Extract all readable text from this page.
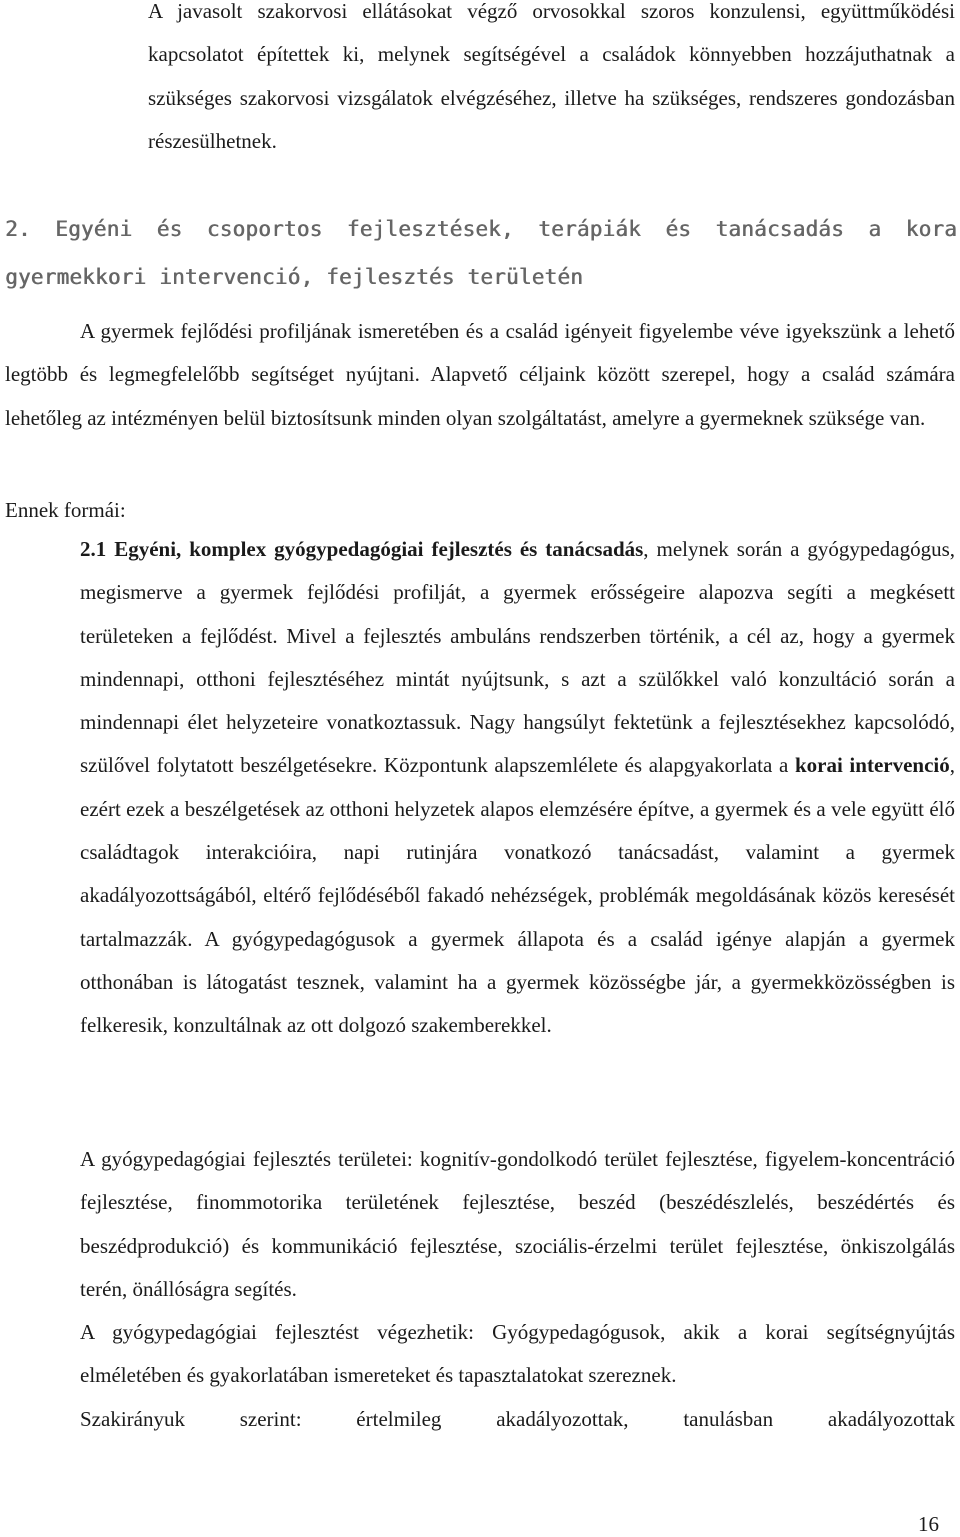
A javasolt szakorvosi ellátásokat végző orvosokkal szoros konzulensi, együttműködési kapcsolatot építettek ki, melynek segítségével a családok könnyebben hozzájuthatnak a szükséges szakorvosi vizsgálatok elvégzéséhez, illetve ha szükséges, rendszeres gondozásban részesülhetnek.

2. Egyéni és csoportos fejlesztések, terápiák és tanácsadás a kora gyermekkori intervenció, fejlesztés területén

A gyermek fejlődési profiljának ismeretében és a család igényeit figyelembe véve igyekszünk a lehető legtöbb és legmegfelelőbb segítséget nyújtani. Alapvető céljaink között szerepel, hogy a család számára lehetőleg az intézményen belül biztosítsunk minden olyan szolgáltatást, amelyre a gyermeknek szüksége van.

Ennek formái:

2.1 Egyéni, komplex gyógypedagógiai fejlesztés és tanácsadás, melynek során a gyógypedagógus, megismerve a gyermek fejlődési profilját, a gyermek erősségeire alapozva segíti a megkésett területeken a fejlődést. Mivel a fejlesztés ambuláns rendszerben történik, a cél az, hogy a gyermek mindennapi, otthoni fejlesztéséhez mintát nyújtsunk, s azt a szülőkkel való konzultáció során a mindennapi élet helyzeteire vonatkoztassuk. Nagy hangsúlyt fektetünk a fejlesztésekhez kapcsolódó, szülővel folytatott beszélgetésekre. Központunk alapszemlélete és alapgyakorlata a korai intervenció, ezért ezek a beszélgetések az otthoni helyzetek alapos elemzésére építve, a gyermek és a vele együtt élő családtagok interakcióira, napi rutinjára vonatkozó tanácsadást, valamint a gyermek akadályozottságából, eltérő fejlődéséből fakadó nehézségek, problémák megoldásának közös keresését tartalmazzák. A gyógypedagógusok a gyermek állapota és a család igénye alapján a gyermek otthonában is látogatást tesznek, valamint ha a gyermek közösségbe jár, a gyermekközösségben is felkeresik, konzultálnak az ott dolgozó szakemberekkel.

A gyógypedagógiai fejlesztés területei: kognitív-gondolkodó terület fejlesztése, figyelem-koncentráció fejlesztése, finommotorika területének fejlesztése, beszéd (beszédészlelés, beszédértés és beszédprodukció) és kommunikáció fejlesztése, szociális-érzelmi terület fejlesztése, önkiszolgálás terén, önállóságra segítés.

A gyógypedagógiai fejlesztést végezhetik: Gyógypedagógusok, akik a korai segítségnyújtás elméletében és gyakorlatában ismereteket és tapasztalatokat szereznek.

Szakirányuk szerint: értelmileg akadályozottak, tanulásban akadályozottak

16
